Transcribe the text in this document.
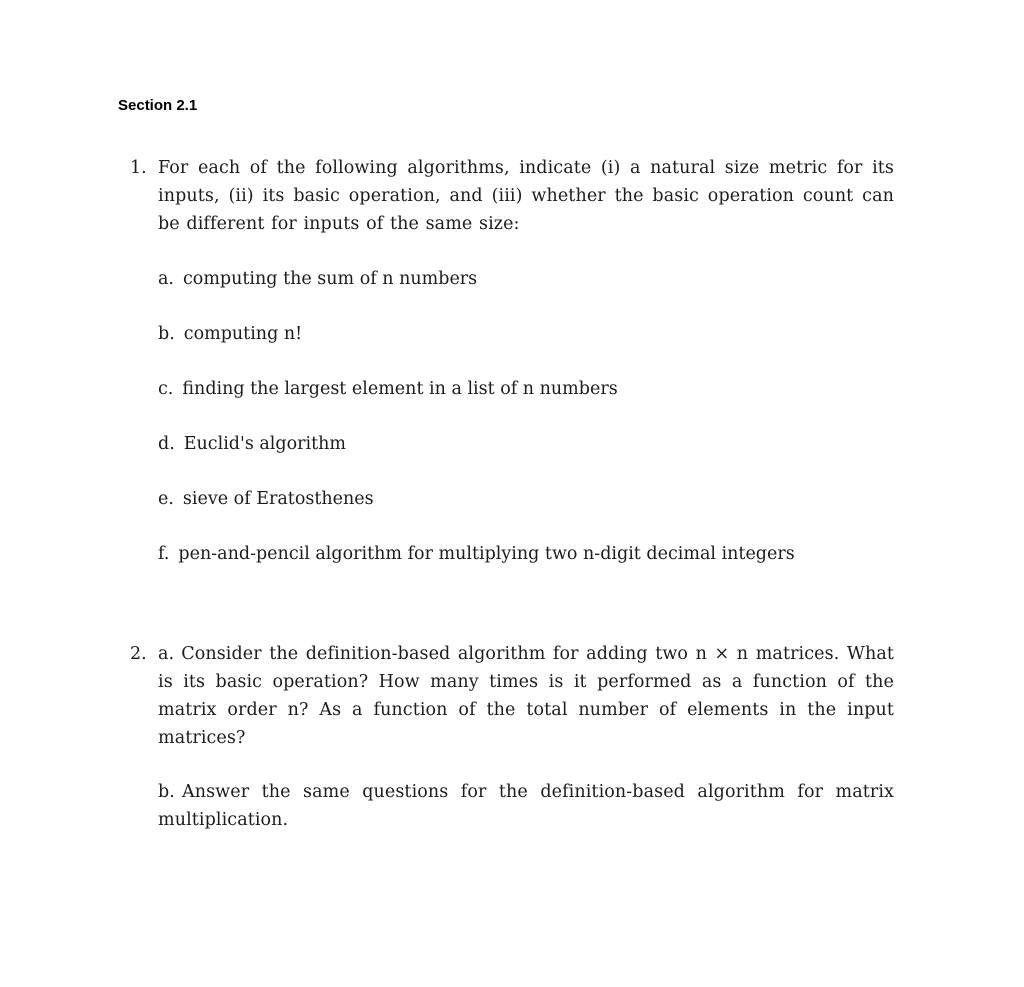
Section 2.1
1. For each of the following algorithms, indicate (i) a natural size metric for its inputs, (ii) its basic operation, and (iii) whether the basic operation count can be different for inputs of the same size:

a. computing the sum of n numbers
b. computing n!
c. finding the largest element in a list of n numbers
d. Euclid's algorithm
e. sieve of Eratosthenes
f. pen-and-pencil algorithm for multiplying two n-digit decimal integers
2. a. Consider the definition-based algorithm for adding two n × n matrices. What is its basic operation? How many times is it performed as a function of the matrix order n? As a function of the total number of elements in the input matrices?

b. Answer the same questions for the definition-based algorithm for matrix multiplication.
